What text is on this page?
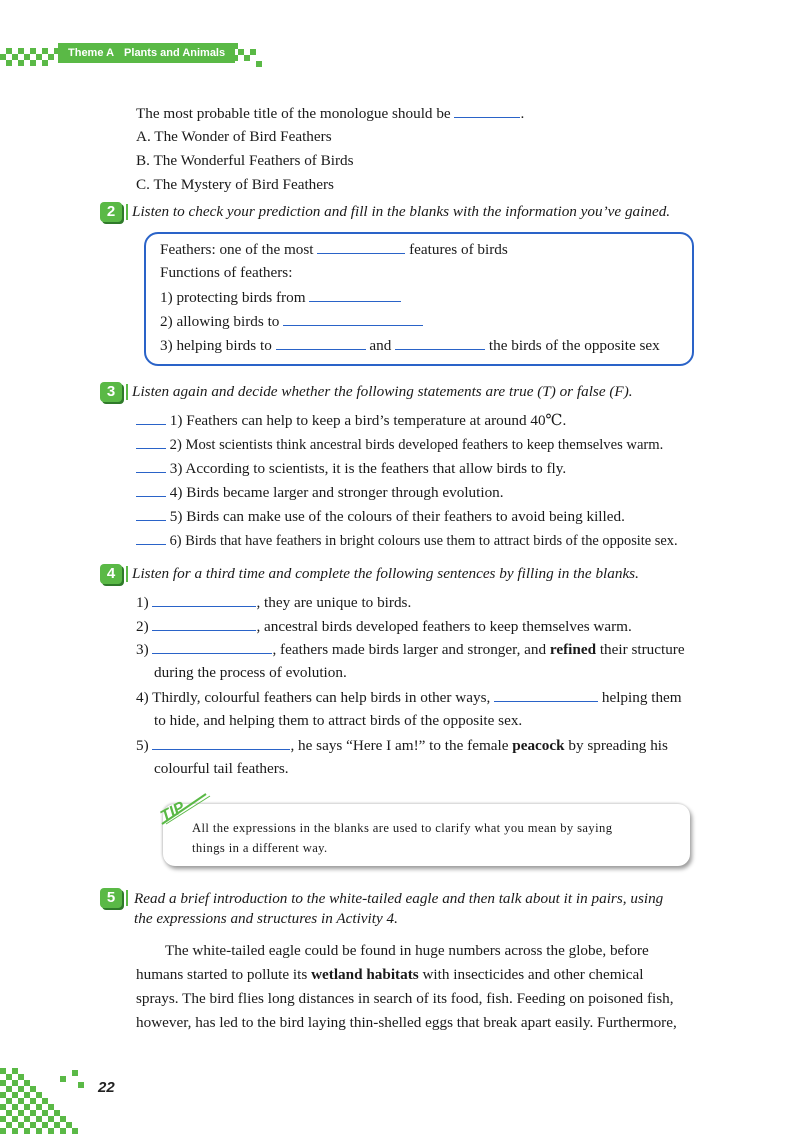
Theme A Plants and Animals
The most probable title of the monologue should be	.
A. The Wonder of Bird Feathers
B. The Wonderful Feathers of Birds
C. The Mystery of Bird Feathers
2	Listen to check your prediction and fill in the blanks with the information you’ve gained.
Feathers: one of the most	features of birds
Functions of feathers:
1) protecting birds from
2) allowing birds to
3) helping birds to	and	the birds of the opposite sex
3	Listen again and decide whether the following statements are true (T) or false (F).
1) Feathers can help to keep a bird’s temperature at around 40℃.
2) Most scientists think ancestral birds developed feathers to keep themselves warm.
3) According to scientists, it is the feathers that allow birds to fly.
4) Birds became larger and stronger through evolution.
5) Birds can make use of the colours of their feathers to avoid being killed.
6) Birds that have feathers in bright colours use them to attract birds of the opposite sex.
4	Listen for a third time and complete the following sentences by filling in the blanks.
1)	, they are unique to birds.
2)	, ancestral birds developed feathers to keep themselves warm.
3)	, feathers made birds larger and stronger, and refined their structure
during the process of evolution.
4) Thirdly, colourful feathers can help birds in other ways,	helping them
to hide, and helping them to attract birds of the opposite sex.
5)	, he says “Here I am!” to the female peacock by spreading his
colourful tail feathers.
TIP
All the expressions in the blanks are used to clarify what you mean by saying
things in a different way.
5	Read a brief introduction to the white-tailed eagle and then talk about it in pairs, using
the expressions and structures in Activity 4.
The white-tailed eagle could be found in huge numbers across the globe, before
humans started to pollute its wetland habitats with insecticides and other chemical
sprays. The bird flies long distances in search of its food, fish. Feeding on poisoned fish,
however, has led to the bird laying thin-shelled eggs that break apart easily. Furthermore,
22
